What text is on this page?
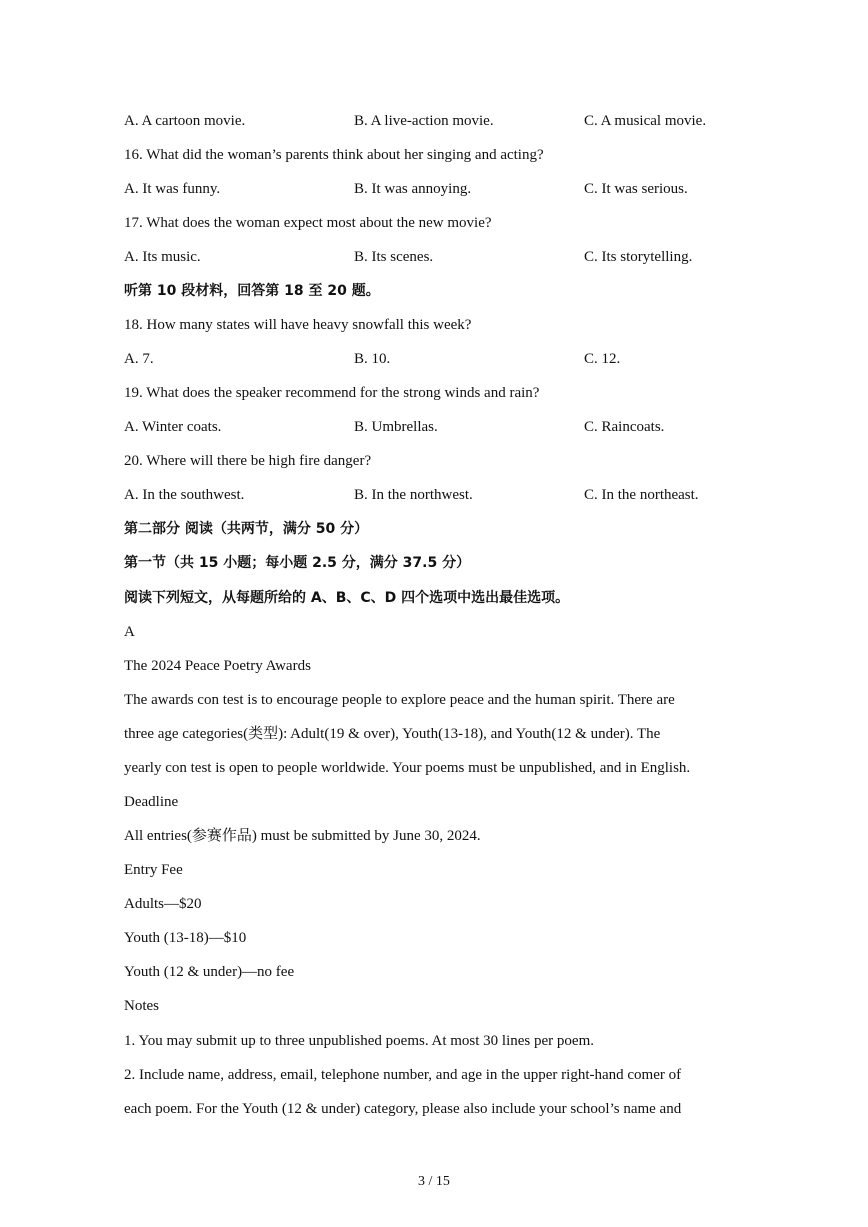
A. A cartoon movie.	B. A live-action movie.	C. A musical movie.
16. What did the woman’s parents think about her singing and acting?
A. It was funny.	B. It was annoying.	C. It was serious.
17. What does the woman expect most about the new movie?
A. Its music.	B. Its scenes.	C. Its storytelling.
听第 10 段材料，回答第 18 至 20 题。
18. How many states will have heavy snowfall this week?
A. 7.	B. 10.	C. 12.
19. What does the speaker recommend for the strong winds and rain?
A. Winter coats.	B. Umbrellas.	C. Raincoats.
20. Where will there be high fire danger?
A. In the southwest.	B. In the northwest.	C. In the northeast.
第二部分 阅读（共两节，满分 50 分）
第一节（共 15 小题；每小题 2.5 分，满分 37.5 分）
阅读下列短文，从每题所给的 A、B、C、D 四个选项中选出最佳选项。
A
The 2024 Peace Poetry Awards
The awards con test is to encourage people to explore peace and the human spirit. There are
three age categories(类型): Adult(19 & over), Youth(13-18), and Youth(12 & under). The
yearly con test is open to people worldwide. Your poems must be unpublished, and in English.
Deadline
All entries(参赛作品) must be submitted by June 30, 2024.
Entry Fee
Adults—$20
Youth (13-18)—$10
Youth (12 & under)—no fee
Notes
1. You may submit up to three unpublished poems. At most 30 lines per poem.
2. Include name, address, email, telephone number, and age in the upper right-hand comer of
each poem. For the Youth (12 & under) category, please also include your school’s name and
3 / 15
